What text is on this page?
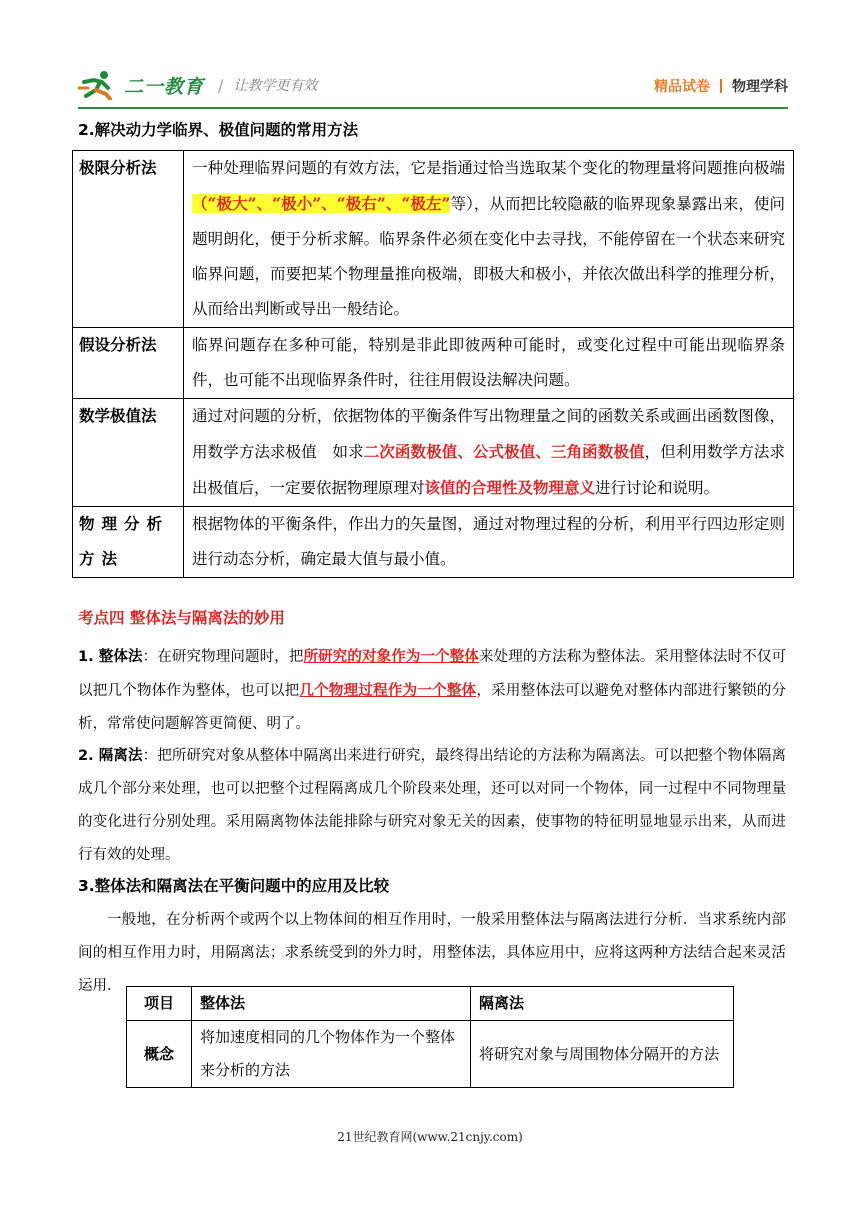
二一教育 / 让教学更有效	精品试卷 物理学科
2.解决动力学临界、极值问题的常用方法
极限分析法	一种处理临界问题的有效方法，它是指通过恰当选取某个变化的物理量将问题推向极端（“极大”、“极小”、“极右”、“极左”等），从而把比较隐蔽的临界现象暴露出来，使问题明朗化，便于分析求解。临界条件必须在变化中去寻找，不能停留在一个状态来研究临界问题，而要把某个物理量推向极端，即极大和极小，并依次做出科学的推理分析，从而给出判断或导出一般结论。
假设分析法	临界问题存在多种可能，特别是非此即彼两种可能时，或变化过程中可能出现临界条件，也可能不出现临界条件时，往往用假设法解决问题。
数学极值法	通过对问题的分析，依据物体的平衡条件写出物理量之间的函数关系或画出函数图像，用数学方法求极值　如求二次函数极值、公式极值、三角函数极值，但利用数学方法求出极值后，一定要依据物理原理对该值的合理性及物理意义进行讨论和说明。
物理分析方法	根据物体的平衡条件，作出力的矢量图，通过对物理过程的分析，利用平行四边形定则进行动态分析，确定最大值与最小值。
考点四 整体法与隔离法的妙用
1. 整体法：在研究物理问题时，把所研究的对象作为一个整体来处理的方法称为整体法。采用整体法时不仅可以把几个物体作为整体，也可以把几个物理过程作为一个整体，采用整体法可以避免对整体内部进行繁锁的分析，常常使问题解答更简便、明了。
2. 隔离法：把所研究对象从整体中隔离出来进行研究，最终得出结论的方法称为隔离法。可以把整个物体隔离成几个部分来处理，也可以把整个过程隔离成几个阶段来处理，还可以对同一个物体，同一过程中不同物理量的变化进行分别处理。采用隔离物体法能排除与研究对象无关的因素，使事物的特征明显地显示出来，从而进行有效的处理。
3.整体法和隔离法在平衡问题中的应用及比较
一般地，在分析两个或两个以上物体间的相互作用时，一般采用整体法与隔离法进行分析．当求系统内部间的相互作用力时，用隔离法；求系统受到的外力时，用整体法，具体应用中，应将这两种方法结合起来灵活运用．
项目	整体法	隔离法
概念	将加速度相同的几个物体作为一个整体来分析的方法	将研究对象与周围物体分隔开的方法
21世纪教育网(www.21cnjy.com)
